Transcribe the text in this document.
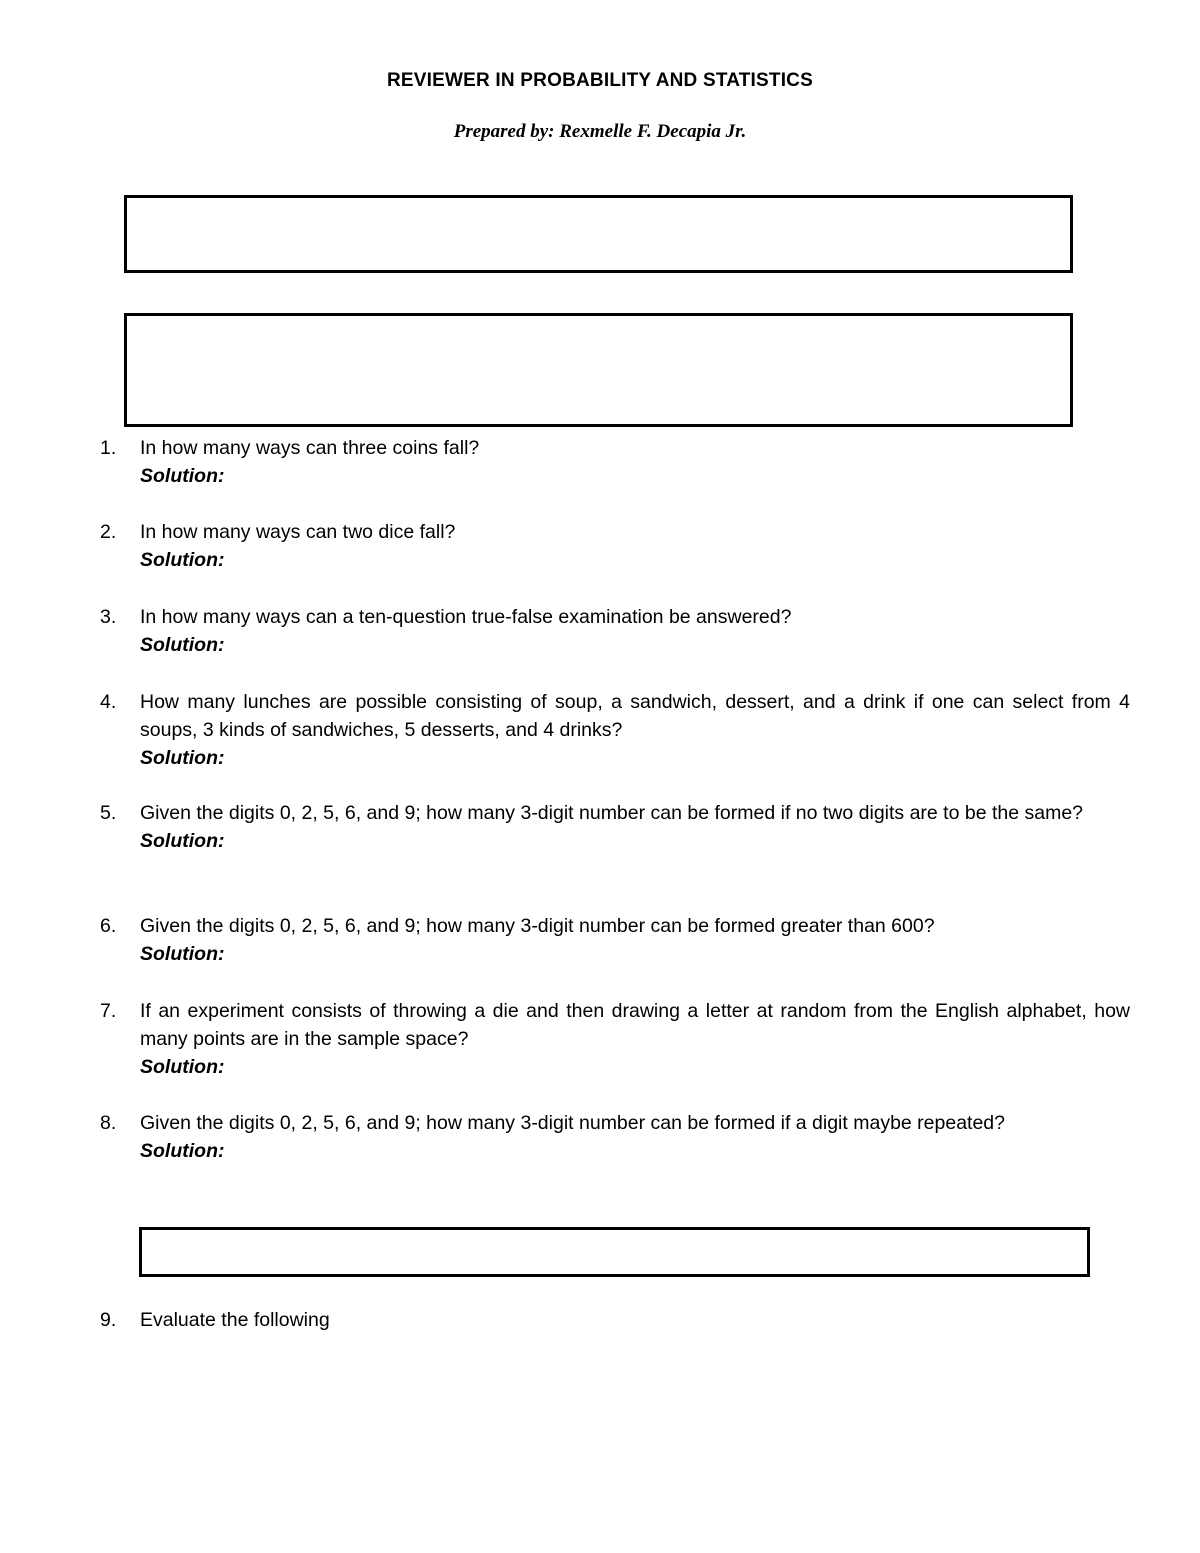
REVIEWER IN PROBABILITY AND STATISTICS
Prepared by: Rexmelle F. Decapia Jr.
1.	In how many ways can three coins fall?
Solution:
2.	In how many ways can two dice fall?
Solution:
3.	In how many ways can a ten-question true-false examination be answered?
Solution:
4.	How many lunches are possible consisting of soup, a sandwich, dessert, and a drink if one can select from 4 soups, 3 kinds of sandwiches, 5 desserts, and 4 drinks?
Solution:
5.	Given the digits 0, 2, 5, 6, and 9; how many 3-digit number can be formed if no two digits are to be the same?
Solution:
6.	Given the digits 0, 2, 5, 6, and 9; how many 3-digit number can be formed greater than 600?
Solution:
7.	If an experiment consists of throwing a die and then drawing a letter at random from the English alphabet, how many points are in the sample space?
Solution:
8.	Given the digits 0, 2, 5, 6, and 9; how many 3-digit number can be formed if a digit maybe repeated?
Solution:
9.	Evaluate the following
